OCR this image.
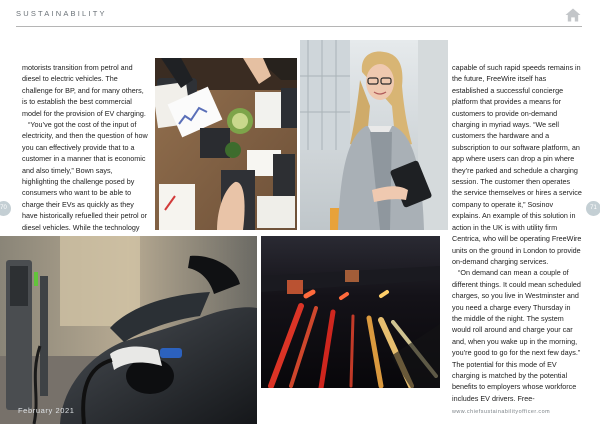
SUSTAINABILITY

motorists transition from petrol and diesel to electric vehicles. The challenge for BP, and for many others, is to establish the best commercial model for the provision of EV charging.

“You’ve got the cost of the input of electricity, and then the question of how you can effectively provide that to a customer in a manner that is economic and also timely,” Bown says, highlighting the challenge posed by consumers who want to be able to charge their EVs as quickly as they have historically refuelled their petrol or diesel vehicles. While the technology

capable of such rapid speeds remains in the future, FreeWire itself has established a successful concierge platform that provides a means for customers to provide on-demand charging in myriad ways. “We sell customers the hardware and a subscription to our software platform, an app where users can drop a pin where they’re parked and schedule a charging session. The customer then operates the service themselves or hires a service company to operate it,” Sosinov explains. An example of this solution in action in the UK is with utility firm Centrica, who will be operating FreeWire units on the ground in London to provide on-demand charging services.

“On demand can mean a couple of different things. It could mean scheduled charges, so you live in Westminster and you need a charge every Thursday in the middle of the night. The system would roll around and charge your car and, when you wake up in the morning, you’re good to go for the next few days.” The potential for this mode of EV charging is matched by the potential benefits to employers whose workforce includes EV drivers. Free-

70	71
February 2021	www.chiefsustainabilityofficer.com
